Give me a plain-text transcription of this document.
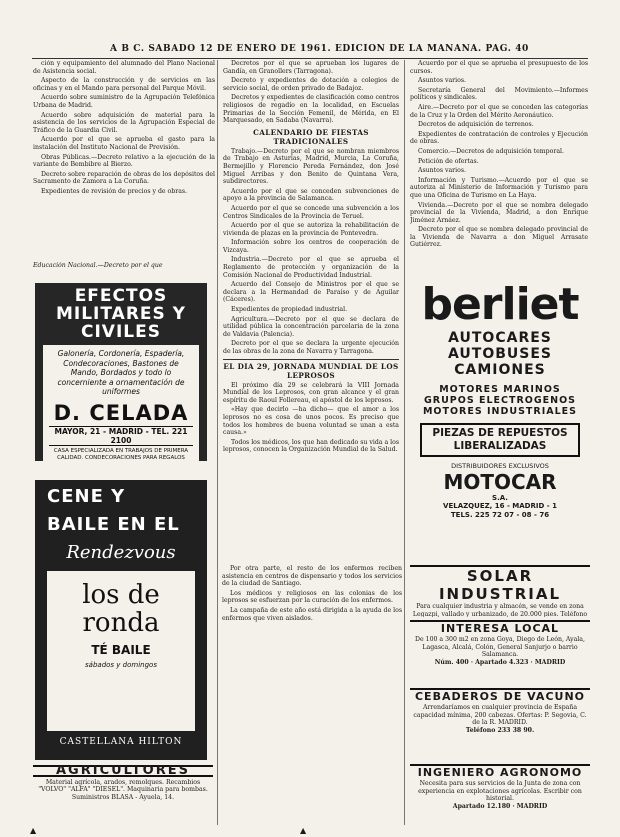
A B C. SABADO 12 DE ENERO DE 1961. EDICION DE LA MAÑANA. PAG. 40

ción y equipamiento del alumnado del Plano Nacional de Asistencia social.

Aspecto de la construcción y de servicios en las oficinas y en el Mando para personal del Parque Móvil.

Acuerdo sobre suministro de la Agrupación Telefónica Urbana de Madrid.

Acuerdo sobre adquisición de material para la asistencia de los servicios de la Agrupación Especial de Tráfico de la Guardia Civil.

Acuerdo por el que se aprueba el gasto para la instalación del Instituto Nacional de Previsión.

Obras Públicas.—Decreto relativo a la ejecución de la variante de Bembibre al Bierzo.

Decreto sobre reparación de obras de los depósitos del Sacramento de Zamora a La Coruña.

Expedientes de revisión de precios y de obras.

Educación Nacional.—Decreto por el que
EFECTOS MILITARES Y CIVILES
Galonería, Cordonería, Espadería, Condecoraciones, Bastones de Mando, Bordados y todo lo concerniente a ornamentación de uniformes
D. CELADA
MAYOR, 21 - MADRID - TEL. 221 2100
CASA ESPECIALIZADA EN TRABAJOS DE PRIMERA CALIDAD. CONDECORACIONES PARA REGALOS
CENE Y
BAILE EN EL
Rendezvous
los de
ronda
TÉ BAILE
sábados y domingos
CASTELLANA HILTON
AGRICULTORES
Material agrícola, arados, remolques. Recambios "VOLVO" "ALFA" "DIESEL". Maquinaria para bombas. Suministros BLASA - Ayuela, 14.

Decretos por el que se aprueban los lugares de Gandía, en Granollers (Tarragona).

Decreto y expedientes de dotación a colegios de servicio social, de orden privado de Badajoz.

Decretos y expedientes de clasificación como centros religiosos de regadío en la localidad, en Escuelas Primarias de la Sección Femenil, de Mérida, en El Marquesado, en Sadaba (Navarra).

CALENDARIO DE FIESTAS TRADICIONALES

Trabajo.—Decreto por el que se nombran miembros de Trabajo en Asturias, Madrid, Murcia, La Coruña, Bermejillo y Florencio Pereda Fernández, don José Miguel Arribas y don Benito de Quintana Vera, subdirectores.

Acuerdo por el que se conceden subvenciones de apoyo a la provincia de Salamanca.

Acuerdo por el que se concede una subvención a los Centros Sindicales de la Provincia de Teruel.

Acuerdo por el que se autoriza la rehabilitación de vivienda de plazas en la provincia de Pontevedra.

Información sobre los centros de cooperación de Vizcaya.

Industria.—Decreto por el que se aprueba el Reglamento de protección y organización de la Comisión Nacional de Productividad Industrial.

Acuerdo del Consejo de Ministros por el que se declara a la Hermandad de Paraíso y de Aguilar (Cáceres).

Expedientes de propiedad industrial.

Agricultura.—Decreto por el que se declara de utilidad pública la concentración parcelaria de la zona de Valdavia (Palencia).

Decreto por el que se declara la urgente ejecución de las obras de la zona de Navarra y Tarragona.

EL DIA 29, JORNADA MUNDIAL DE LOS LEPROSOS

El próximo día 29 se celebrará la VIII Jornada Mundial de los Leprosos, con gran alcance y el gran espíritu de Raoul Follereau, el apóstol de los leprosos.

«Hay que decirlo —ha dicho— que el amor a los leprosos no es cosa de unos pocos. Es preciso que todos los hombres de buena voluntad se unan a esta causa.»

Todos los médicos, los que han dedicado su vida a los leprosos, conocen la Organización Mundial de la Salud.

Por otra parte, el resto de los enfermos reciben asistencia en centros de dispensario y todos los servicios de la ciudad de Santiago.

Los médicos y religiosos en las colonias de los leprosos se esfuerzan por la curación de los enfermos.

La campaña de este año está dirigida a la ayuda de los enfermos que viven aislados.

Acuerdo por el que se aprueba el presupuesto de los cursos.

Asuntos varios.

Secretaría General del Movimiento.—Informes políticos y sindicales.

Aire.—Decreto por el que se conceden las categorías de la Cruz y la Orden del Mérito Aeronáutico.

Decretos de adquisición de terrenos.

Expedientes de contratación de controles y Ejecución de obras.

Comercio.—Decretos de adquisición temporal.

Petición de ofertas.

Asuntos varios.

Información y Turismo.—Acuerdo por el que se autoriza al Ministerio de Información y Turismo para que una Oficina de Turismo en La Haya.

Vivienda.—Decreto por el que se nombra delegado provincial de la Vivienda, Madrid, a don Enrique Jiménez Arnáez.

Decreto por el que se nombra delegado provincial de la Vivienda de Navarra a don Miguel Arrasate Gutiérrez.

berliet
AUTOCARES
AUTOBUSES
CAMIONES
MOTORES MARINOS
GRUPOS ELECTROGENOS
MOTORES INDUSTRIALES
PIEZAS DE REPUESTOS LIBERALIZADAS
DISTRIBUIDORES EXCLUSIVOS
MOTOCAR
S.A.
VELAZQUEZ, 16 - MADRID - 1
TELS. 225 72 07 - 08 - 76
SOLAR INDUSTRIAL
Para cualquier industria y almacén, se vende en zona Legazpi, vallado y urbanizado, de 20.000 pies. Teléfono
INTERESA LOCAL
De 100 a 300 m2 en zona Goya, Diego de León, Ayala, Lagasca, Alcalá, Colón, General Sanjurjo o barrio Salamanca.
Núm. 400 · Apartado 4.323 · MADRID
CEBADEROS DE VACUNO
Arrendaríamos en cualquier provincia de España capacidad mínima, 200 cabezas. Ofertas: P. Segovia, C. de la R. MADRID.
Teléfono 233 38 90.
INGENIERO AGRONOMO
Necesita para sus servicios de la Junta de zona con experiencia en explotaciones agrícolas. Escribir con historial.
Apartado 12.180 · MADRID
▲	▲
